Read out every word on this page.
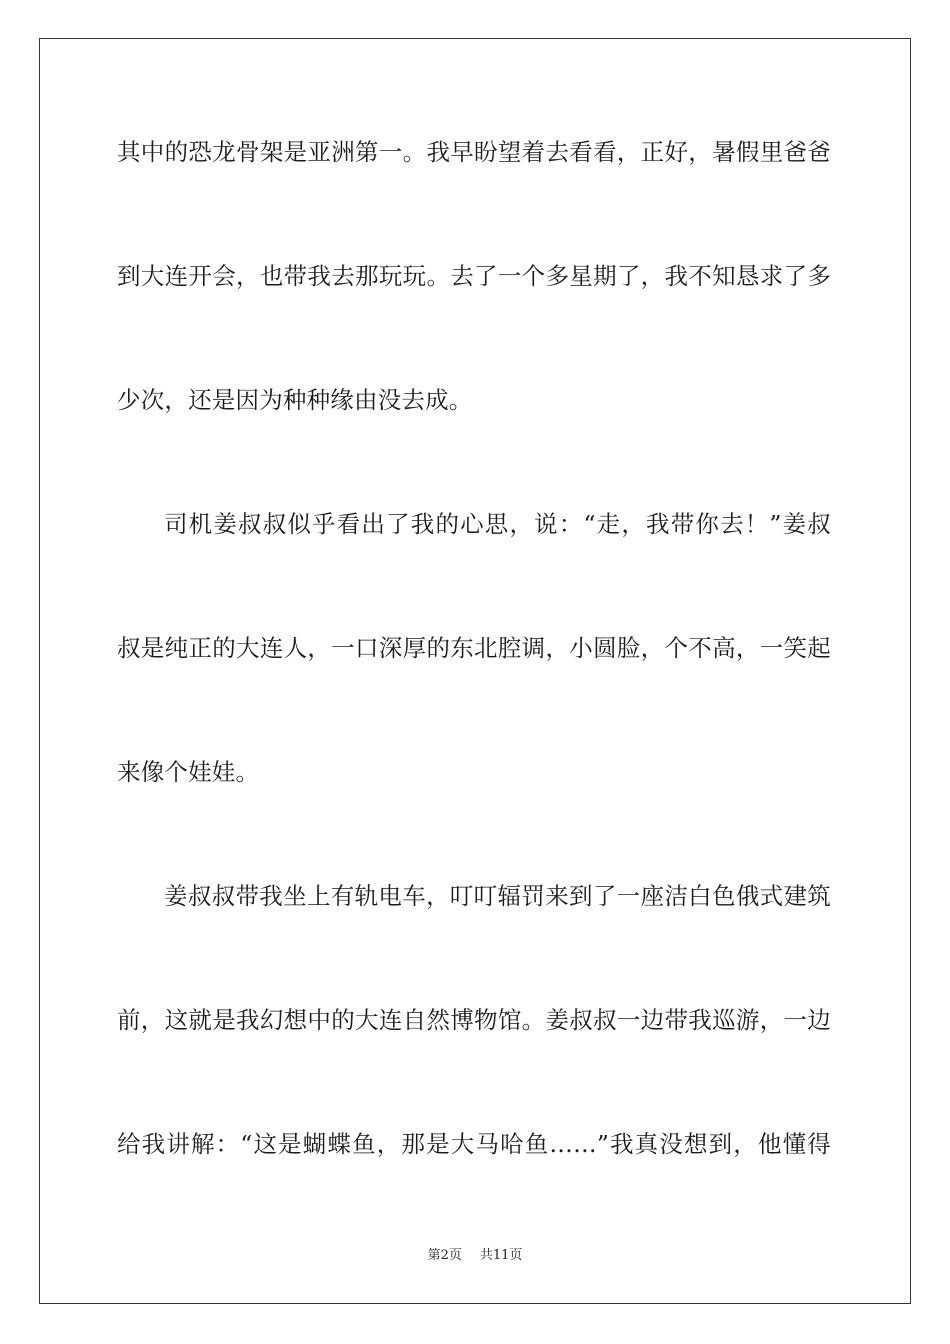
其中的恐龙骨架是亚洲第一。我早盼望着去看看，正好，暑假里爸爸
到大连开会，也带我去那玩玩。去了一个多星期了，我不知恳求了多
少次，还是因为种种缘由没去成。
司机姜叔叔似乎看出了我的心思，说：“走，我带你去！”姜叔
叔是纯正的大连人，一口深厚的东北腔调，小圆脸，个不高，一笑起
来像个娃娃。
姜叔叔带我坐上有轨电车，叮叮辐罚来到了一座洁白色俄式建筑
前，这就是我幻想中的大连自然博物馆。姜叔叔一边带我巡游，一边
给我讲解：“这是蝴蝶鱼，那是大马哈鱼……”我真没想到，他懂得
第2页 共11页
